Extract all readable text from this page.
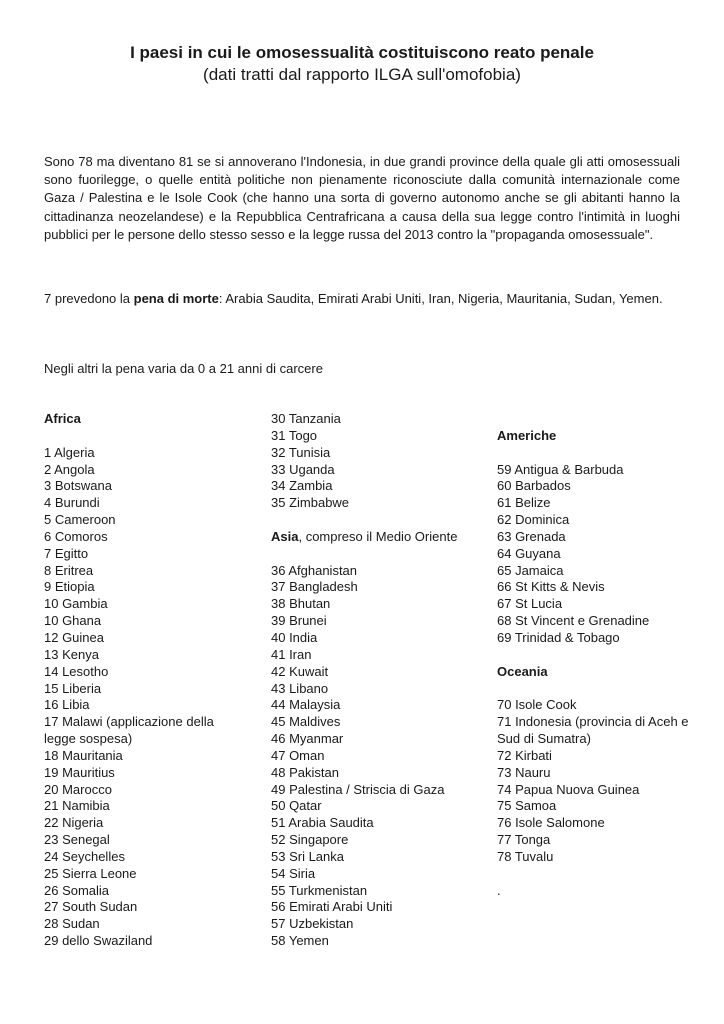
I paesi in cui le omosessualità costituiscono reato penale
(dati tratti dal rapporto ILGA sull'omofobia)

Sono 78 ma diventano 81 se si annoverano l'Indonesia, in due grandi province della quale gli atti omosessuali sono fuorilegge, o quelle entità politiche non pienamente riconosciute dalla comunità internazionale come Gaza / Palestina e le Isole Cook (che hanno una sorta di governo autonomo anche se gli abitanti hanno la cittadinanza neozelandese) e la Repubblica Centrafricana a causa della sua legge contro l'intimità in luoghi pubblici per le persone dello stesso sesso e la legge russa del 2013 contro la "propaganda omosessuale".

7 prevedono la pena di morte: Arabia Saudita, Emirati Arabi Uniti, Iran, Nigeria, Mauritania, Sudan, Yemen.

Negli altri la pena varia da 0 a 21 anni di carcere

Africa
1 Algeria
2 Angola
3 Botswana
4 Burundi
5 Cameroon
6 Comoros
7 Egitto
8 Eritrea
9 Etiopia
10 Gambia
10 Ghana
12 Guinea
13 Kenya
14 Lesotho
15 Liberia
16 Libia
17 Malawi (applicazione della legge sospesa)
18 Mauritania
19 Mauritius
20 Marocco
21 Namibia
22 Nigeria
23 Senegal
24 Seychelles
25 Sierra Leone
26 Somalia
27 South Sudan
28 Sudan
29 dello Swaziland
30 Tanzania
31 Togo
32 Tunisia
33 Uganda
34 Zambia
35 Zimbabwe
Asia, compreso il Medio Oriente
36 Afghanistan
37 Bangladesh
38 Bhutan
39 Brunei
40 India
41 Iran
42 Kuwait
43 Libano
44 Malaysia
45 Maldives
46 Myanmar
47 Oman
48 Pakistan
49 Palestina / Striscia di Gaza
50 Qatar
51 Arabia Saudita
52 Singapore
53 Sri Lanka
54 Siria
55 Turkmenistan
56 Emirati Arabi Uniti
57 Uzbekistan
58 Yemen
Americhe
59 Antigua & Barbuda
60 Barbados
61 Belize
62 Dominica
63 Grenada
64 Guyana
65 Jamaica
66 St Kitts & Nevis
67 St Lucia
68 St Vincent e Grenadine
69 Trinidad & Tobago
Oceania
70 Isole Cook
71 Indonesia (provincia di Aceh e Sud di Sumatra)
72 Kirbati
73 Nauru
74 Papua Nuova Guinea
75 Samoa
76 Isole Salomone
77 Tonga
78 Tuvalu
.
